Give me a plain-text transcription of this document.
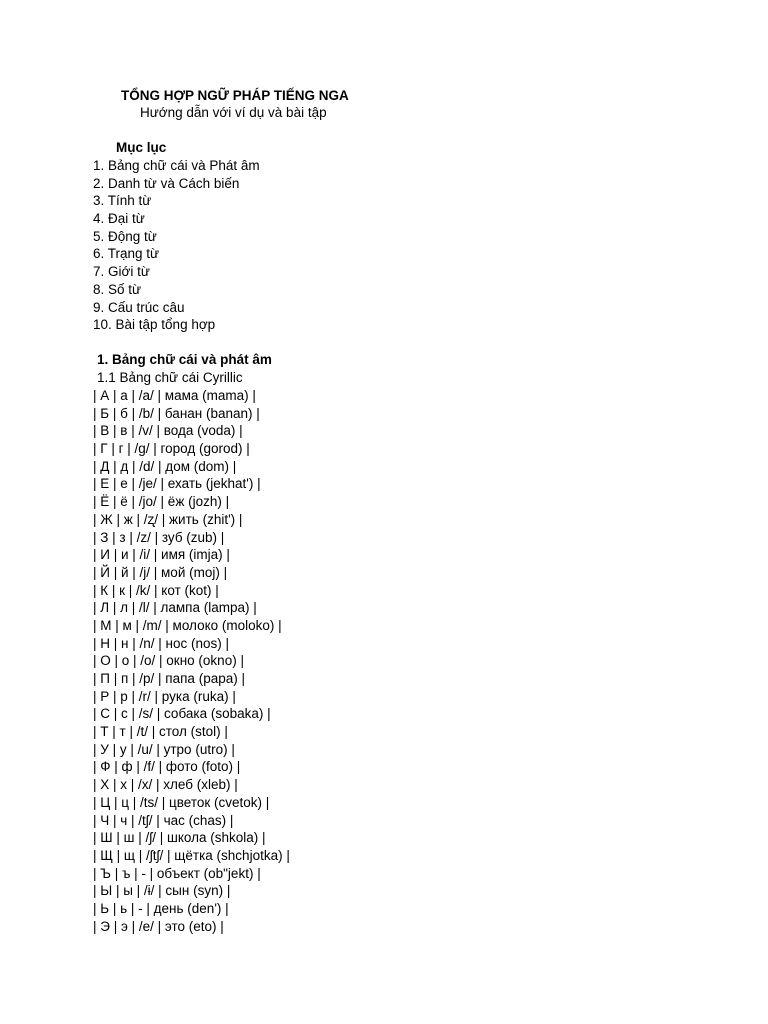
TỔNG HỢP NGỮ PHÁP TIẾNG NGA
Hướng dẫn với ví dụ và bài tập
Mục lục
1. Bảng chữ cái và Phát âm
2. Danh từ và Cách biến
3. Tính từ
4. Đại từ
5. Động từ
6. Trạng từ
7. Giới từ
8. Số từ
9. Cấu trúc câu
10. Bài tập tổng hợp
1. Bảng chữ cái và phát âm
1.1 Bảng chữ cái Cyrillic
| А | а | /a/ | мама (mama) |
| Б | б | /b/ | банан (banan) |
| В | в | /v/ | вода (voda) |
| Г | г | /g/ | город (gorod) |
| Д | д | /d/ | дом (dom) |
| Е | е | /je/ | ехать (jekhat') |
| Ё | ё | /jo/ | ёж (jozh) |
| Ж | ж | /ʐ/ | жить (zhit') |
| З | з | /z/ | зуб (zub) |
| И | и | /i/ | имя (imja) |
| Й | й | /j/ | мой (moj) |
| К | к | /k/ | кот (kot) |
| Л | л | /l/ | лампа (lampa) |
| М | м | /m/ | молоко (moloko) |
| Н | н | /n/ | нос (nos) |
| О | о | /o/ | окно (okno) |
| П | п | /p/ | папа (papa) |
| Р | р | /r/ | рука (ruka) |
| С | с | /s/ | собака (sobaka) |
| Т | т | /t/ | стол (stol) |
| У | у | /u/ | утро (utro) |
| Ф | ф | /f/ | фото (foto) |
| Х | х | /x/ | хлеб (xleb) |
| Ц | ц | /ts/ | цветок (cvetok) |
| Ч | ч | /tʃ/ | час (chas) |
| Ш | ш | /ʃ/ | школа (shkola) |
| Щ | щ | /ʃtʃ/ | щётка (shchjotka) |
| Ъ | ъ | - | объект (ob"jekt) |
| Ы | ы | /ɨ/ | сын (syn) |
| Ь | ь | - | день (den') |
| Э | э | /e/ | это (eto) |
